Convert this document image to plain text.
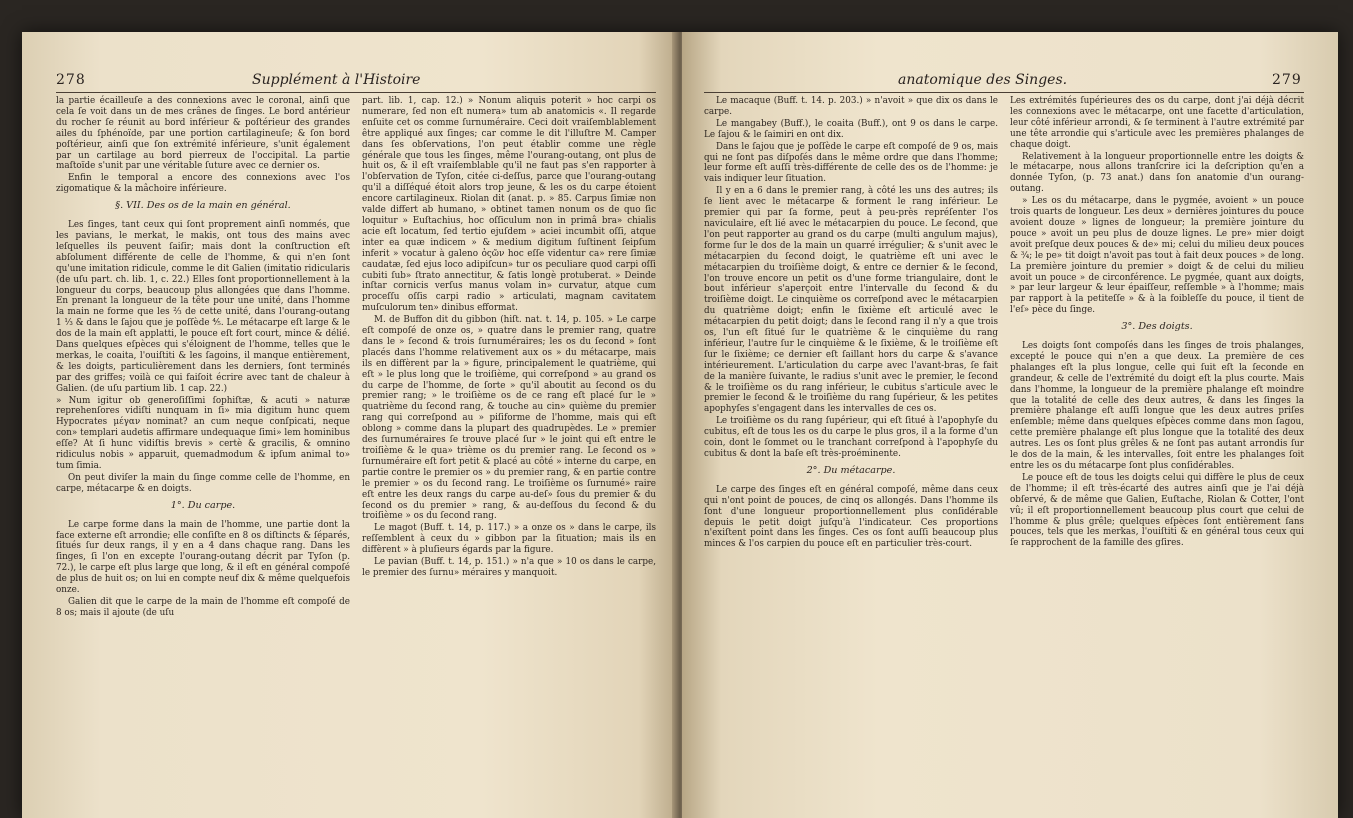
278	Supplément à l'Histoire

la partie écailleuſe a des connexions avec le coronal, ainſi que cela ſe voit dans un de mes crânes de ſinges. Le bord antérieur du rocher ſe réunit au bord inférieur & poſtérieur des grandes ailes du ſphénoïde, par une portion cartilagineuſe; & ſon bord poſtérieur, ainſi que ſon extrémité inférieure, s'unit également par un cartilage au bord pierreux de l'occipital. La partie maſtoïde s'unit par une véritable ſuture avec ce dernier os.

Enfin le temporal a encore des connexions avec l'os zigomatique & la mâchoire inférieure.

§. VII. Des os de la main en général.

Les ſinges, tant ceux qui ſont proprement ainſi nommés, que les pavians, le merkat, le makis, ont tous des mains avec leſquelles ils peuvent ſaiſir; mais dont la conſtruction eſt abſolument différente de celle de l'homme, & qui n'en ſont qu'une imitation ridicule, comme le dit Galien (imitatio ridicularis (de uſu part. ch. lib. 1, c. 22.) Elles ſont proportionnellement à la longueur du corps, beaucoup plus allongées que dans l'homme. En prenant la longueur de la tête pour une unité, dans l'homme la main ne forme que les ⅔ de cette unité, dans l'ourang-outang 1 ⅓ & dans le ſajou que je poſſède ⅘. Le métacarpe eſt large & le dos de la main eſt applatti, le pouce eſt fort court, mince & délié. Dans quelques eſpèces qui s'éloignent de l'homme, telles que le merkas, le coaita, l'ouiſtiti & les ſagoins, il manque entièrement, & les doigts, particulièrement dans les derniers, ſont terminés par des griffes; voilà ce qui faiſoit écrire avec tant de chaleur à Galien. (de uſu partium lib. 1 cap. 22.)

» Num igitur ob generoſiſſimi ſophiſtæ, & acuti » naturæ reprehenſores vidiſti nunquam in ſi» mia digitum hunc quem Hypocrates μέγαν nominat? an cum neque conſpicati, neque con» templari audetis affirmare undequaque ſimi» lem hominibus eſſe? At ſi hunc vidiſtis brevis » certè & gracilis, & omnino ridiculus nobis » apparuit, quemadmodum & ipſum animal to» tum ſimia.

On peut diviſer la main du ſinge comme celle de l'homme, en carpe, métacarpe & en doigts.

1°. Du carpe.

Le carpe forme dans la main de l'homme, une partie dont la face externe eſt arrondie; elle conſiſte en 8 os diſtincts & ſéparés, ſitués ſur deux rangs, il y en a 4 dans chaque rang. Dans les ſinges, ſi l'on en excepte l'ourang-outang décrit par Tyſon (p. 72.), le carpe eſt plus large que long, & il eſt en général compoſé de plus de huit os; on lui en compte neuf dix & même quelquefois onze.

Galien dit que le carpe de la main de l'homme eſt compoſé de 8 os; mais il ajoute (de uſu

part. lib. 1, cap. 12.) » Nonum aliquis poterit » hoc carpi os numerare, ſed non eſt numera» tum ab anatomicis «. Il regarde enſuite cet os comme ſurnuméraire. Ceci doit vraiſemblablement être appliqué aux ſinges; car comme le dit l'illuſtre M. Camper dans ſes obſervations, l'on peut établir comme une règle générale que tous les ſinges, même l'ourang-outang, ont plus de huit os, & il eſt vraiſemblable qu'il ne faut pas s'en rapporter à l'obſervation de Tyſon, citée ci-deſſus, parce que l'ourang-outang qu'il a diſſéqué étoit alors trop jeune, & les os du carpe étoient encore cartilagineux. Riolan dit (anat. p. » 85. Carpus ſimiæ non valde differt ab humano, » obtinet tamen nonum os de quo ſic loquitur » Euſtachius, hoc oſſiculum non in primâ bra» chialis acie eſt locatum, ſed tertio ejuſdem » aciei incumbit oſſi, atque inter ea quæ indicem » & medium digitum ſuſtinent ſeipſum inferit » vocatur à galeno ὀςῶν hoc eſſe videntur ca» rere ſimiæ caudatæ, ſed ejus loco adipiſcun» tur os peculiare quod carpi oſſi cubiti ſub» ſtrato annectitur, & ſatis longè protuberat. » Deinde inſtar cornicis verſus manus volam in» curvatur, atque cum proceſſu oſſis carpi radio » articulati, magnam cavitatem muſculorum ten» dinibus efformat.

M. de Buffon dit du gibbon (hiſt. nat. t. 14, p. 105. » Le carpe eſt compoſé de onze os, » quatre dans le premier rang, quatre dans le » ſecond & trois ſurnuméraires; les os du ſecond » ſont placés dans l'homme relativement aux os » du métacarpe, mais ils en diffèrent par la » figure, principalement le quatrième, qui eſt » le plus long que le troiſième, qui correſpond » au grand os du carpe de l'homme, de ſorte » qu'il aboutit au ſecond os du premier rang; » le troiſième os de ce rang eſt placé ſur le » quatrième du ſecond rang, & touche au cin» quième du premier rang qui correſpond au » piſiforme de l'homme, mais qui eſt oblong » comme dans la plupart des quadrupèdes. Le » premier des ſurnuméraires ſe trouve placé ſur » le joint qui eſt entre le troiſième & le qua» trième os du premier rang. Le ſecond os » ſurnuméraire eſt fort petit & placé au côté » interne du carpe, en partie contre le premier os » du premier rang, & en partie contre le premier » os du ſecond rang. Le troiſième os ſurnumé» raire eſt entre les deux rangs du carpe au-deſ» ſous du premier & du ſecond os du premier » rang, & au-deſſous du ſecond & du troiſième » os du ſecond rang.

Le magot (Buff. t. 14, p. 117.) » a onze os » dans le carpe, ils reſſemblent à ceux du » gibbon par la ſituation; mais ils en diffèrent » à pluſieurs égards par la figure.

Le pavian (Buff. t. 14, p. 151.) » n'a que » 10 os dans le carpe, le premier des ſurnu» méraires y manquoit.

anatomique des Singes.	279

Le macaque (Buff. t. 14. p. 203.) » n'avoit » que dix os dans le carpe.

Le mangabey (Buff.), le coaita (Buff.), ont 9 os dans le carpe. Le ſajou & le ſaimiri en ont dix.

Dans le ſajou que je poſſède le carpe eſt compoſé de 9 os, mais qui ne ſont pas diſpoſés dans le même ordre que dans l'homme; leur forme eſt auſſi très-différente de celle des os de l'homme: je vais indiquer leur ſituation.

Il y en a 6 dans le premier rang, à côté les uns des autres; ils ſe lient avec le métacarpe & forment le rang inférieur. Le premier qui par ſa forme, peut à peu-près repréſenter l'os naviculaire, eſt lié avec le métacarpien du pouce. Le ſecond, que l'on peut rapporter au grand os du carpe (multi angulum majus), forme ſur le dos de la main un quarré irrégulier; & s'unit avec le métacarpien du ſecond doigt, le quatrième eſt uni avec le métacarpien du troiſième doigt, & entre ce dernier & le ſecond, l'on trouve encore un petit os d'une forme triangulaire, dont le bout inférieur s'aperçoit entre l'intervalle du ſecond & du troiſième doigt. Le cinquième os correſpond avec le métacarpien du quatrième doigt; enfin le ſixième eſt articulé avec le métacarpien du petit doigt; dans le ſecond rang il n'y a que trois os, l'un eſt ſitué ſur le quatrième & le cinquième du rang inférieur, l'autre ſur le cinquième & le ſixième, & le troiſième eſt ſur le ſixième; ce dernier eſt ſaillant hors du carpe & s'avance intérieurement. L'articulation du carpe avec l'avant-bras, ſe fait de la manière ſuivante, le radius s'unit avec le premier, le ſecond & le troiſième os du rang inférieur, le cubitus s'articule avec le premier le ſecond & le troiſième du rang ſupérieur, & les petites apophyſes s'engagent dans les intervalles de ces os.

Le troiſième os du rang ſupérieur, qui eſt ſitué à l'apophyſe du cubitus, eſt de tous les os du carpe le plus gros, il a la forme d'un coin, dont le ſommet ou le tranchant correſpond à l'apophyſe du cubitus & dont la baſe eſt très-proéminente.

2°. Du métacarpe.

Le carpe des ſinges eſt en général compoſé, même dans ceux qui n'ont point de pouces, de cinq os allongés. Dans l'homme ils ſont d'une longueur proportionnellement plus conſidérable depuis le petit doigt juſqu'à l'indicateur. Ces proportions n'exiſtent point dans les ſinges. Ces os ſont auſſi beaucoup plus minces & l'os carpien du pouce eſt en particulier très-court.

Les extrémités ſupérieures des os du carpe, dont j'ai déjà décrit les connexions avec le métacarpe, ont une facette d'articulation, leur côté inférieur arrondi, & ſe terminent à l'autre extrémité par une tête arrondie qui s'articule avec les premières phalanges de chaque doigt.

Relativement à la longueur proportionnelle entre les doigts & le métacarpe, nous allons tranſcrire ici la deſcription qu'en a donnée Tyſon, (p. 73 anat.) dans ſon anatomie d'un ourang-outang.

» Les os du métacarpe, dans le pygmée, avoient » un pouce trois quarts de longueur. Les deux » dernières jointures du pouce avoient douze » lignes de longueur; la première jointure du pouce » avoit un peu plus de douze lignes. Le pre» mier doigt avoit preſque deux pouces & de» mi; celui du milieu deux pouces & ¾; le pe» tit doigt n'avoit pas tout à fait deux pouces » de long. La première jointure du premier » doigt & de celui du milieu avoit un pouce » de circonférence. Le pygmée, quant aux doigts, » par leur largeur & leur épaiſſeur, reſſemble » à l'homme; mais par rapport à la petiteſſe » & à la foibleſſe du pouce, il tient de l'eſ» pèce du ſinge.

3°. Des doigts.

Les doigts ſont compoſés dans les ſinges de trois phalanges, excepté le pouce qui n'en a que deux. La première de ces phalanges eſt la plus longue, celle qui ſuit eſt la ſeconde en grandeur, & celle de l'extrémité du doigt eſt la plus courte. Mais dans l'homme, la longueur de la première phalange eſt moindre que la totalité de celle des deux autres, & dans les ſinges la première phalange eſt auſſi longue que les deux autres priſes enſemble; même dans quelques eſpèces comme dans mon ſagou, cette première phalange eſt plus longue que la totalité des deux autres. Les os ſont plus grêles & ne ſont pas autant arrondis ſur le dos de la main, & les intervalles, ſoit entre les phalanges ſoit entre les os du métacarpe ſont plus conſidérables.

Le pouce eſt de tous les doigts celui qui diffère le plus de ceux de l'homme; il eſt très-écarté des autres ainſi que je l'ai déjà obſervé, & de même que Galien, Euſtache, Riolan & Cotter, l'ont vû; il eſt proportionnellement beaucoup plus court que celui de l'homme & plus grêle; quelques eſpèces ſont entièrement ſans pouces, tels que les merkas, l'ouiſtiti & en général tous ceux qui ſe rapprochent de la famille des gſires.
